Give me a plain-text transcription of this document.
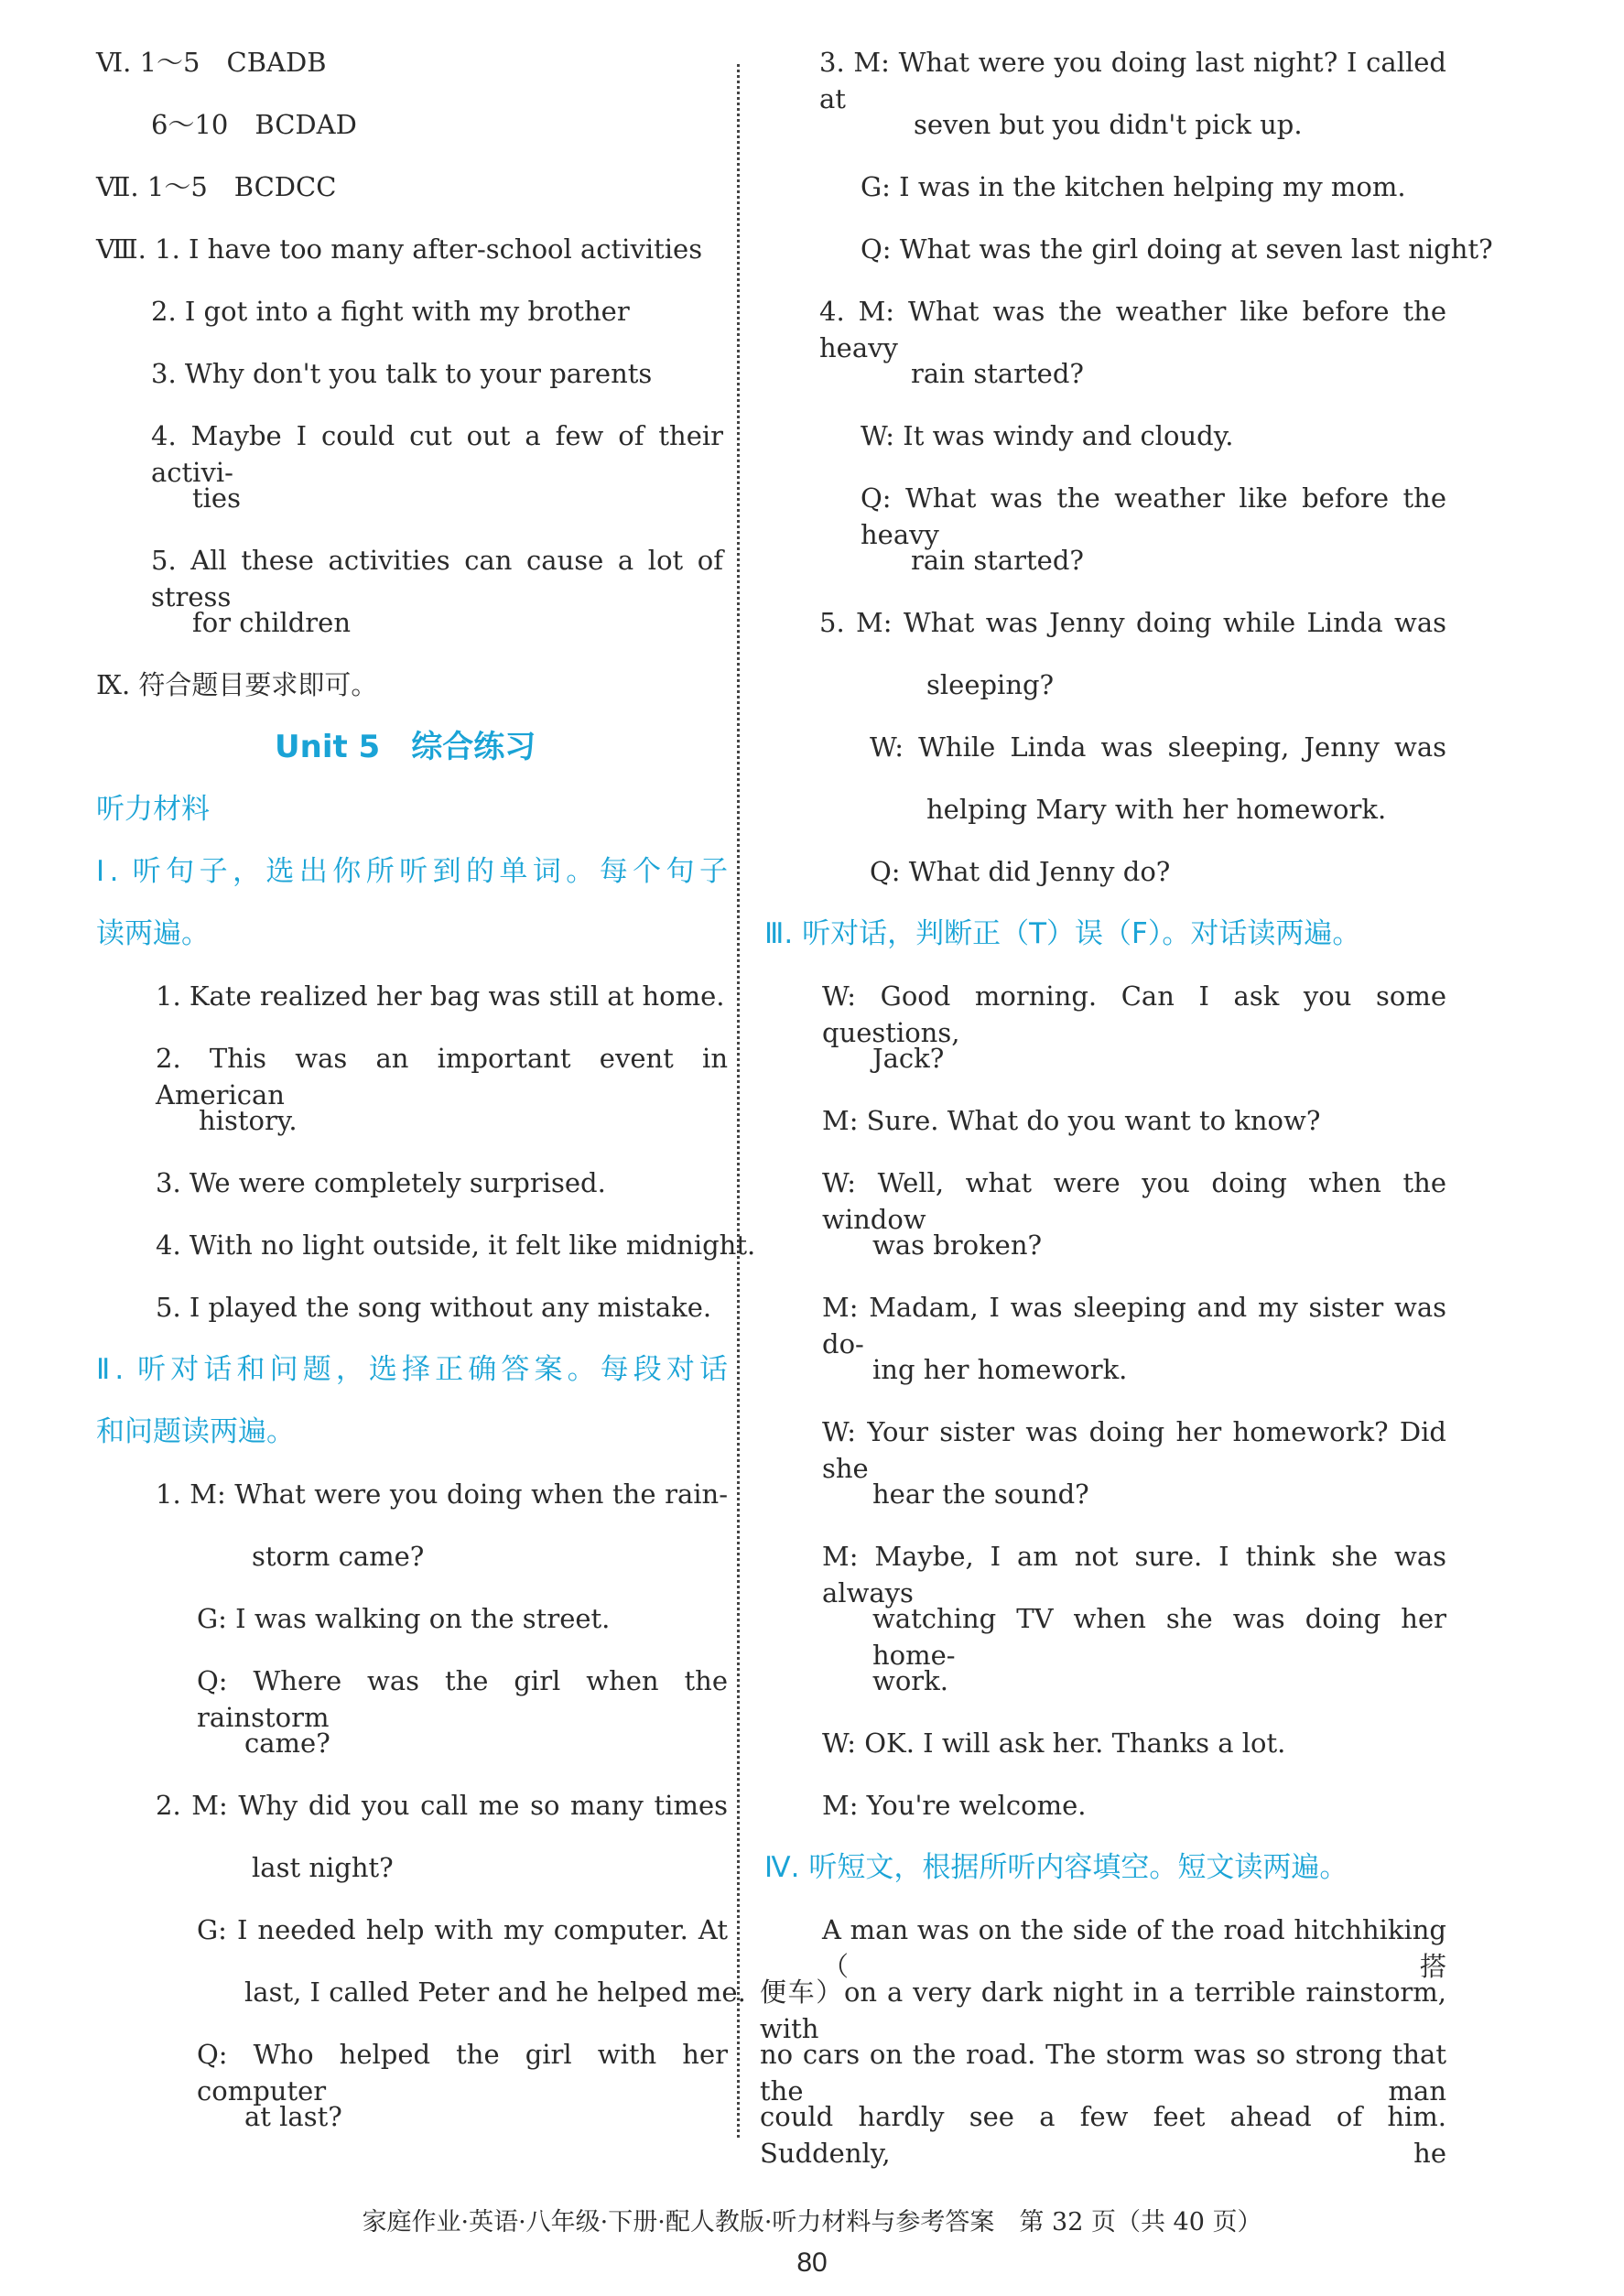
Ⅵ. 1～5　CBADB
6～10　BCDAD
Ⅶ. 1～5　BCDCC
Ⅷ. 1. I have too many after-school activities
2. I got into a fight with my brother
3. Why don't you talk to your parents
4. Maybe I could cut out a few of their activi-
ties
5. All these activities can cause a lot of stress
for children
Ⅸ. 符合题目要求即可。
Unit 5　综合练习
听力材料
Ⅰ. 听句子，选出你所听到的单词。每个句子
读两遍。
1. Kate realized her bag was still at home.
2. This was an important event in American
history.
3. We were completely surprised.
4. With no light outside, it felt like midnight.
5. I played the song without any mistake.
Ⅱ. 听对话和问题，选择正确答案。每段对话
和问题读两遍。
1. M: What were you doing when the rain-
storm came?
G: I was walking on the street.
Q: Where was the girl when the rainstorm
came?
2. M: Why did you call me so many times
last night?
G: I needed help with my computer. At
last, I called Peter and he helped me.
Q: Who helped the girl with her computer
at last?
3. M: What were you doing last night? I called at
seven but you didn't pick up.
G: I was in the kitchen helping my mom.
Q: What was the girl doing at seven last night?
4. M: What was the weather like before the heavy
rain started?
W: It was windy and cloudy.
Q: What was the weather like before the heavy
rain started?
5. M: What was Jenny doing while Linda was
sleeping?
W: While Linda was sleeping, Jenny was
helping Mary with her homework.
Q: What did Jenny do?
Ⅲ. 听对话，判断正（T）误（F）。对话读两遍。
W: Good morning. Can I ask you some questions,
Jack?
M: Sure. What do you want to know?
W: Well, what were you doing when the window
was broken?
M: Madam, I was sleeping and my sister was do-
ing her homework.
W: Your sister was doing her homework? Did she
hear the sound?
M: Maybe, I am not sure. I think she was always
watching TV when she was doing her home-
work.
W: OK. I will ask her. Thanks a lot.
M: You're welcome.
Ⅳ. 听短文，根据所听内容填空。短文读两遍。
A man was on the side of the road hitchhiking（搭
便车）on a very dark night in a terrible rainstorm, with
no cars on the road. The storm was so strong that the man
could hardly see a few feet ahead of him. Suddenly, he
家庭作业·英语·八年级·下册·配人教版·听力材料与参考答案　第 32 页（共 40 页）
80
